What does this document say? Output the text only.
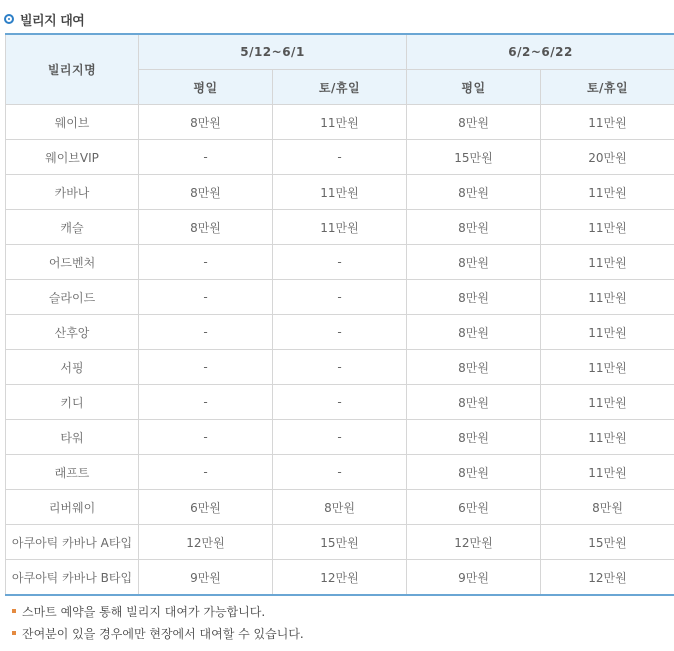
빌리지 대여
빌리지명	5/12~6/1		6/2~6/22	
	평일	토/휴일	평일	토/휴일
웨이브	8만원	11만원	8만원	11만원
웨이브VIP	-	-	15만원	20만원
카바나	8만원	11만원	8만원	11만원
캐슬	8만원	11만원	8만원	11만원
어드벤처	-	-	8만원	11만원
슬라이드	-	-	8만원	11만원
산후앙	-	-	8만원	11만원
서핑	-	-	8만원	11만원
키디	-	-	8만원	11만원
타워	-	-	8만원	11만원
래프트	-	-	8만원	11만원
리버웨이	6만원	8만원	6만원	8만원
아쿠아틱 카바나 A타입	12만원	15만원	12만원	15만원
아쿠아틱 카바나 B타입	9만원	12만원	9만원	12만원
스마트 예약을 통해 빌리지 대여가 가능합니다.
잔여분이 있을 경우에만 현장에서 대여할 수 있습니다.
